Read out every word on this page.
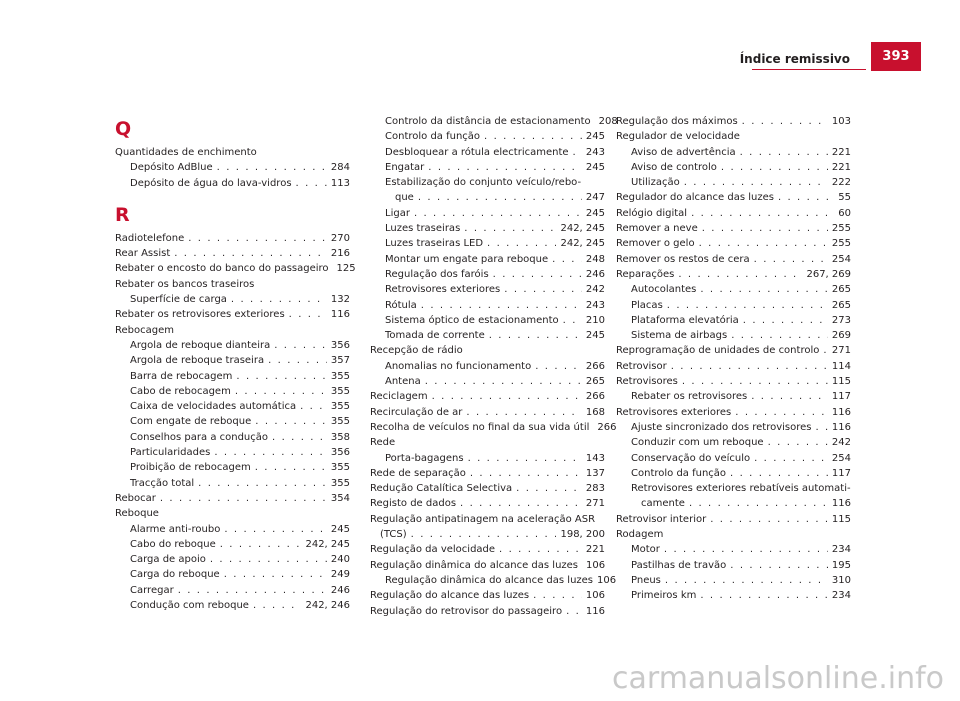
Índice remissivo	393
Q
Quantidades de enchimento
Depósito AdBlue . . .	284
Depósito de água do lava-vidros . . .	113
R
Radiotelefone . . .	270
Rear Assist . . .	216
Rebater o encosto do banco do passageiro 125
Rebater os bancos traseiros
Superfície de carga . . .	132
Rebater os retrovisores exteriores . . .	116
Rebocagem
Argola de reboque dianteira . . .	356
Argola de reboque traseira . . .	357
Barra de rebocagem . . .	355
Cabo de rebocagem . . .	355
Caixa de velocidades automática . . .	355
Com engate de reboque . . .	355
Conselhos para a condução . . .	358
Particularidades . . .	356
Proibição de rebocagem . . .	355
Tracção total . . .	355
Rebocar . . .	354
Reboque
Alarme anti-roubo . . .	245
Cabo do reboque . . .	242, 245
Carga de apoio . . .	240
Carga do reboque . . .	249
Carregar . . .	246
Condução com reboque . . .	242, 246
Controlo da distância de estacionamento 208
Controlo da função . . .	245
Desbloquear a rótula electricamente . . . 243
Engatar . . .	245
Estabilização do conjunto veículo/rebo-
que . . .	247
Ligar . . .	245
Luzes traseiras . . .	242, 245
Luzes traseiras LED . . .	242, 245
Montar um engate para reboque . . .	248
Regulação dos faróis . . .	246
Retrovisores exteriores . . .	242
Rótula . . .	243
Sistema óptico de estacionamento . . .	210
Tomada de corrente . . .	245
Recepção de rádio
Anomalias no funcionamento . . .	266
Antena . . .	265
Reciclagem . . .	266
Recirculação de ar . . .	168
Recolha de veículos no final da sua vida útil 266
Rede
Porta-bagagens . . .	143
Rede de separação . . .	137
Redução Catalítica Selectiva . . .	283
Registo de dados . . .	271
Regulação antipatinagem na aceleração ASR
(TCS) . . .	198, 200
Regulação da velocidade . . .	221
Regulação dinâmica do alcance das luzes 106
Regulação dinâmica do alcance das luzes 106
Regulação do alcance das luzes . . .	106
Regulação do retrovisor do passageiro . . . 116
Regulação dos máximos . . .	103
Regulador de velocidade
Aviso de advertência . . .	221
Aviso de controlo . . .	221
Utilização . . .	222
Regulador do alcance das luzes . . .	55
Relógio digital . . .	60
Remover a neve . . .	255
Remover o gelo . . .	255
Remover os restos de cera . . .	254
Reparações . . .	267, 269
Autocolantes . . .	265
Placas . . .	265
Plataforma elevatória . . .	273
Sistema de airbags . . .	269
Reprogramação de unidades de controlo . . . 271
Retrovisor . . .	114
Retrovisores . . .	115
Rebater os retrovisores . . .	117
Retrovisores exteriores . . .	116
Ajuste sincronizado dos retrovisores . . . 116
Conduzir com um reboque . . .	242
Conservação do veículo . . .	254
Controlo da função . . .	117
Retrovisores exteriores rebatíveis automati-
camente . . .	116
Retrovisor interior . . .	115
Rodagem
Motor . . .	234
Pastilhas de travão . . .	195
Pneus . . .	310
Primeiros km . . .	234
carmanualsonline.info
